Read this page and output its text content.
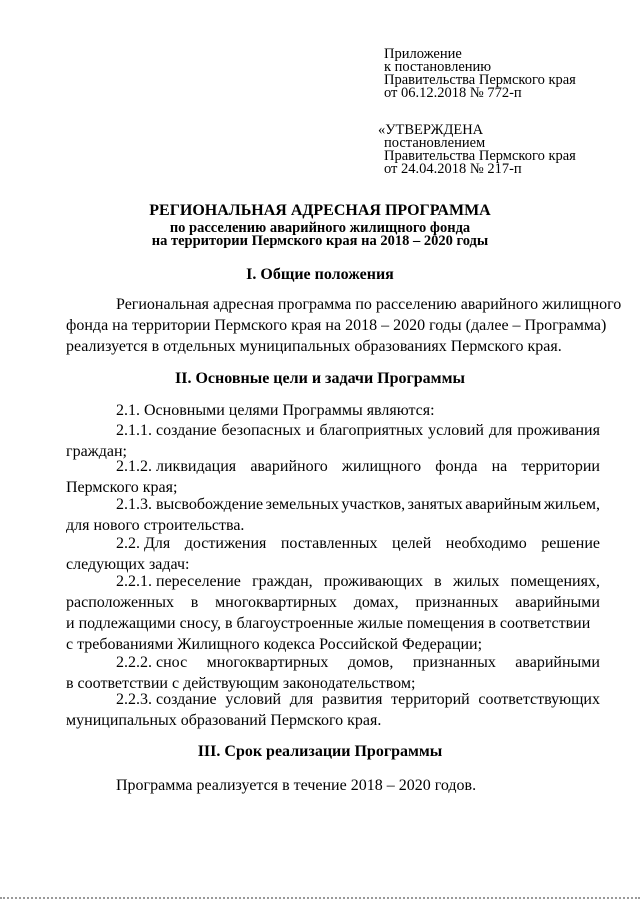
Приложение
к постановлению
Правительства Пермского края
от 06.12.2018 № 772-п
«УТВЕРЖДЕНА
постановлением
Правительства Пермского края
от 24.04.2018 № 217-п
РЕГИОНАЛЬНАЯ АДРЕСНАЯ ПРОГРАММА
по расселению аварийного жилищного фонда
на территории Пермского края на 2018 – 2020 годы
I. Общие положения
Региональная адресная программа по расселению аварийного жилищного
фонда на территории Пермского края на 2018 – 2020 годы (далее – Программа)
реализуется в отдельных муниципальных образованиях Пермского края.
II. Основные цели и задачи Программы
2.1. Основными целями Программы являются:
2.1.1. создание безопасных и благоприятных условий для проживания
граждан;
2.1.2. ликвидация аварийного жилищного фонда на территории
Пермского края;
2.1.3. высвобождение земельных участков, занятых аварийным жильем,
для нового строительства.
2.2. Для достижения поставленных целей необходимо решение
следующих задач:
2.2.1. переселение граждан, проживающих в жилых помещениях,
расположенных в многоквартирных домах, признанных аварийными
и подлежащими сносу, в благоустроенные жилые помещения в соответствии
с требованиями Жилищного кодекса Российской Федерации;
2.2.2. снос многоквартирных домов, признанных аварийными
в соответствии с действующим законодательством;
2.2.3. создание условий для развития территорий соответствующих
муниципальных образований Пермского края.
III. Срок реализации Программы
Программа реализуется в течение 2018 – 2020 годов.
